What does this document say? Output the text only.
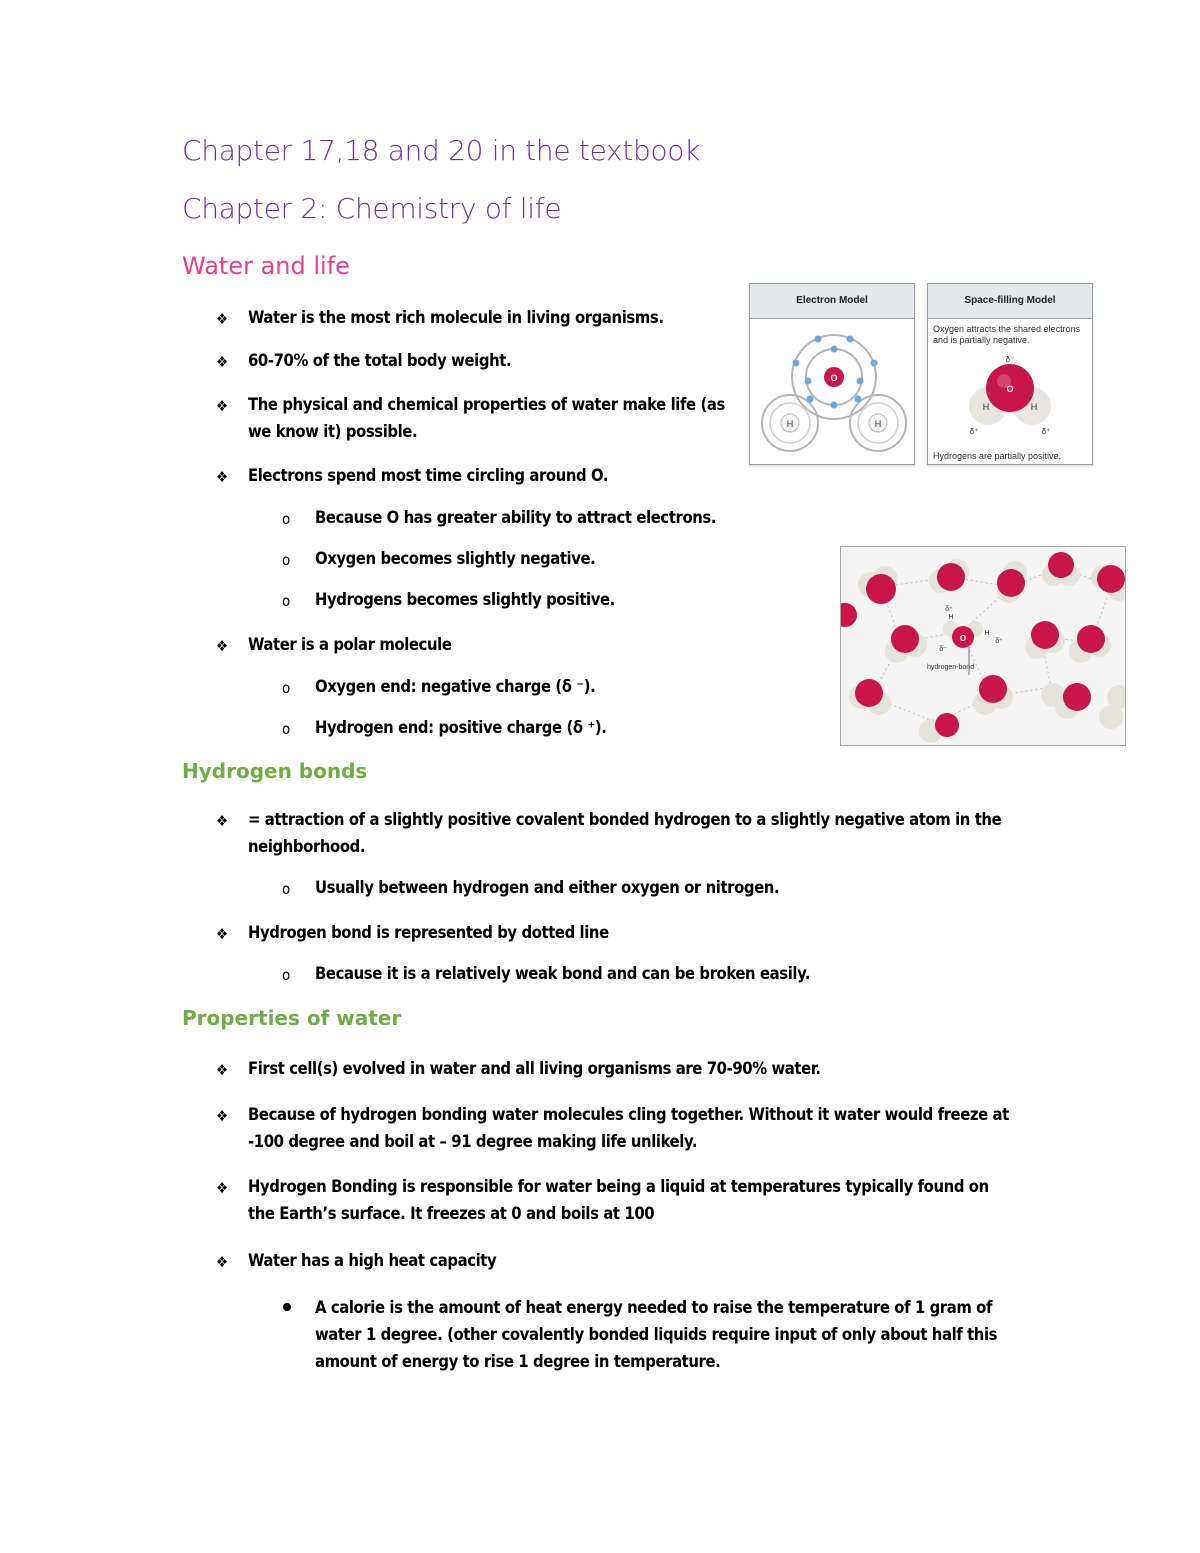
Chapter 17,18 and 20 in the textbook
Chapter 2: Chemistry of life
Water and life
❖ Water is the most rich molecule in living organisms.
❖ 60-70% of the total body weight.
❖ The physical and chemical properties of water make life (as we know it) possible.
❖ Electrons spend most time circling around O.
o Because O has greater ability to attract electrons.
o Oxygen becomes slightly negative.
o Hydrogens becomes slightly positive.
❖ Water is a polar molecule
o Oxygen end: negative charge (δ ⁻).
o Hydrogen end: positive charge (δ ⁺).
Electron Model
O
H	H
Space-filling Model
Oxygen attracts the shared electrons and is partially negative.
δ⁻
O
H	H
δ⁺	δ⁺
Hydrogens are partially positive.
hydrogen-bond
O
H
H
δ⁻
δ⁺
δ⁺
Hydrogen bonds
❖ = attraction of a slightly positive covalent bonded hydrogen to a slightly negative atom in the neighborhood.
o Usually between hydrogen and either oxygen or nitrogen.
❖ Hydrogen bond is represented by dotted line
o Because it is a relatively weak bond and can be broken easily.
Properties of water
❖ First cell(s) evolved in water and all living organisms are 70-90% water.
❖ Because of hydrogen bonding water molecules cling together. Without it water would freeze at -100 degree and boil at – 91 degree making life unlikely.
❖ Hydrogen Bonding is responsible for water being a liquid at temperatures typically found on the Earth’s surface. It freezes at 0 and boils at 100
❖ Water has a high heat capacity
A calorie is the amount of heat energy needed to raise the temperature of 1 gram of water 1 degree. (other covalently bonded liquids require input of only about half this amount of energy to rise 1 degree in temperature.
